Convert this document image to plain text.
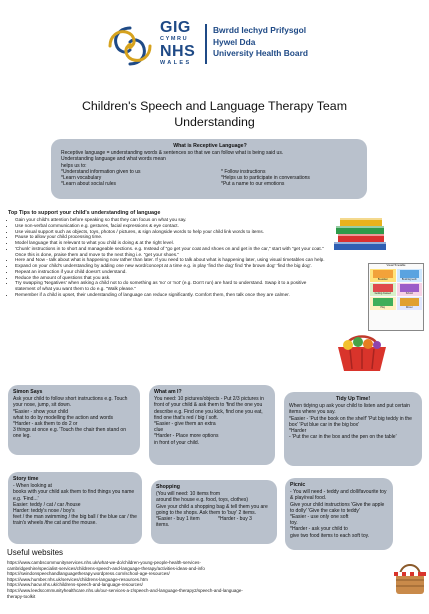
GIG
CYMRU
NHS
WALES
Bwrdd Iechyd Prifysgol
Hywel Dda
University Health Board
Children's Speech and Language Therapy Team
Understanding
What is Receptive Language?

Receptive language = understanding words & sentences so that we can follow what is being said us.

Understanding language and what words mean

helps us to:

*Understand information given to us

*Learn vocabulary

*Learn about social rules

* Follow instructions

*Helps us to participate in conversations

*Put a name to our emotions

Top Tips to support your child's understanding of language
• Gain your child's attention before speaking so that they can focus on what you say.
• Use non-verbal communication e.g. gestures, facial expressions & eye contact.
• Use visual support such as objects, toys, photos / pictures, & sign alongside words to help your child link words to items.
• Pause to allow your child processing time.
• Model language that is relevant to what you child is doing & at the right level.
• 'Chunk' instructions in to short and manageable sections. e.g. Instead of "go get your coat and shoes on and get in the car," start with "get your coat." Once this is done, praise them and move to the next thing i.e. "get your shoes."
• Here and Now - talk about what is happening now rather than later. If you need to talk about what is happening later, using visual timetables can help.
• Expand on your child's understanding by adding one new word/concept at a time e.g. in play 'find the dog' find 'the brown dog' 'find the big dog'.
• Repeat an instruction if your child doesn't understand.
• Reduce the amount of questions that you ask.
• Try swapping 'Negatives' when asking a child not to do something as 'no' or 'not' (e.g. Don't run) are hard to understand. Swap it to a positive statement of what you want them to do e.g. "Walk please."
• Remember if a child is upset, their understanding of language can reduce significantly. Comfort them, then talk once they are calmer.
Visual Timetable
Breakfast	Brushing teeth
Getting dressed	School
Play	Dinner
Simon Says

Ask your child to follow short instructions e.g. Touch your nose, jump, sit down.

*Easier - show your child

what to do by modelling the action and words

*Harder - ask them to do 2 or

3 things at once e.g. 'Touch the chair then stand on one leg.

What am I?

You need: 10 pictures/objects - Put 2/3 pictures in front of your child & ask them to 'find the one you describe e.g. Find one you kick, find one you eat, find one that's red / big / soft.

*Easier - give them an extra

clue

*Harder - Place more options

in front of your child.

Tidy Up Time!

When tidying up ask your child to listen and put certain items where you say.

*Easier - 'Put the book on the shelf' 'Put big teddy in the box' 'Put blue car in the big box'

*Harder

- 'Put the car in the box and the pen on the table'

Story time

- When looking at

books with your child ask them to find things you name e.g. 'Find...'

Easier: teddy / cat / car /house

Harder: teddy's nose / boy's

feet / the man swimming / the big ball / the blue car / the train's wheels /the cat and the mouse.

Shopping

(You will need: 10 items from

around the house e.g. food, toys, clothes)

Give your child a shopping bag & tell them you are going to the shops. Ask them to 'buy' 2 items.

*Easier - buy 1 item	*Harder - buy 3

items.

Picnic

- You will need - teddy and doll/favourite toy & play/real food.

Give your child instructions 'Give the apple to dolly' 'Give the cake to teddy'

*Easier - use only one soft

toy.

*Harder - ask your child to

give two food items to each soft toy.

Useful websites
https://www.cambscommunityservices.nhs.uk/what-we-do/children-young-people-health-services-
cambridgeshire/specialist-services/childrens-speech-and-language-therapy/activities-ideas-and-info
https://swindonspeechandlanguagetherapy.wordpress.com/school-age-resources/
https://www.humber.nhs.uk/services/childrens-language-resources.htm
https://www.hacw.nhs.uk/childrens-speech-and-language-resources/
https://www.leedscommunityhealthcare.nhs.uk/our-services-a-z/speech-and-language-therapy2/speech-and-language-
therapy-toolkit
